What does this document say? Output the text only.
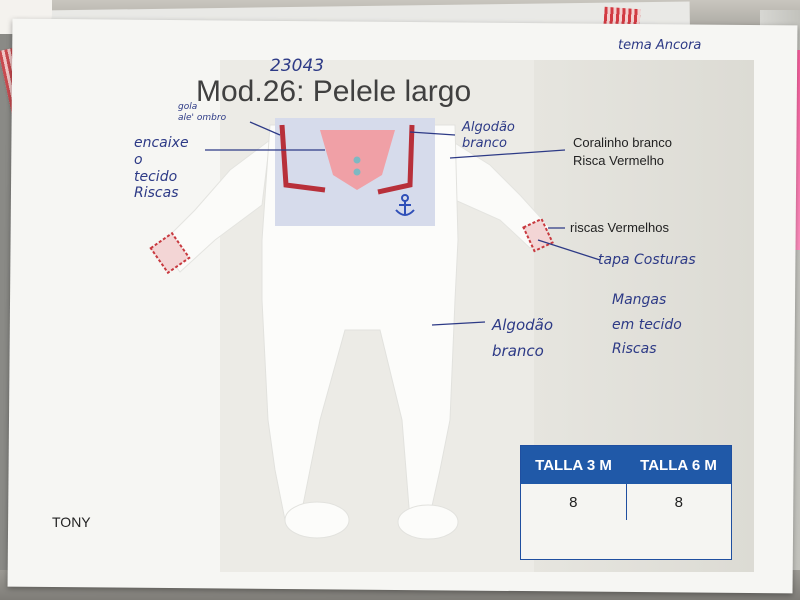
Mod.26: Pelele largo
23043
tema Ancora
gola
ale' ombro
encaixe
o
tecido
Riscas
Algodão
branco
tapa Costuras
Mangas
em tecido
Riscas
Algodão
branco
Coralinho branco
Risca Vermelho
riscas Vermelhos
TONY
TALLA 3 M	TALLA 6 M
8	8
